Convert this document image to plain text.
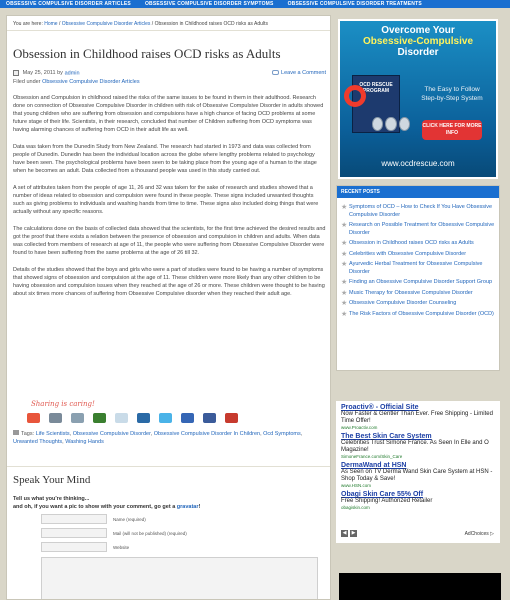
OBSESSIVE COMPULSIVE DISORDER ARTICLES	OBSESSIVE COMPULSIVE DISORDER SYMPTOMS	OBSESSIVE COMPULSIVE DISORDER TREATMENTS
You are here: Home / Obsessive Compulsive Disorder Articles / Obsession in Childhood raises OCD risks as Adults
Obsession in Childhood raises OCD risks as Adults
May 25, 2011 by admin	Leave a Comment
Filed under Obsessive Compulsive Disorder Articles

Obsession and Compulsion in childhood raised the risks of the same issues to be found in them in their adulthood. Research done on connection of Obsessive Compulsive Disorder in children with risk of Obsessive Compulsive Disorder in adults showed that young children who are suffering from obsession and compulsions have a high chance of facing OCD problems at some future stage of their life. Scientists, in their research, concluded that number of Children suffering from OCD symptoms was having alarming chances of suffering from OCD in their adult life as well.

Data was taken from the Dunedin Study from New Zealand. The research had started in 1973 and data was collected from people of Dunedin. Dunedin has been the individual location across the globe where lengthy problems related to psychology have been seen. The psychological problems have been seen to be taking place from the young age of a human to the stage when he becomes an adult. Data collected from a thousand people was used in this study carried out.

A set of attributes taken from the people of age 11, 26 and 32 was taken for the sake of research and studies showed that a number of ideas related to obsession and compulsion were found in these people. These signs included unwanted thoughts such as giving problems to individuals and washing hands from time to time. These signs also included doing things that were actually without any specific reasons.

The calculations done on the basis of collected data showed that the scientists, for the first time achieved the desired results and got the proof that there exists a relation between the presence of obsession and compulsion in children and adults. When data was collected from members of research at age of 11, the people who were suffering from Obsessive Compulsive Disorder were found to have been suffering from the same problems at the age of 26 till 32.

Details of the studies showed that the boys and girls who were a part of studies were found to be having a number of symptoms that showed signs of obsession and compulsion at the age of 11. These children were more likely than any other children to be having obsession and compulsion issues when they reached at the age of 26 or more. These children were thought to be having about six times more chances of suffering from Obsessive Compulsive disorder when they reached their adult age.

Sharing is caring!
Tags: Life Scientists, Obsessive Compulsive Disorder, Obsessive Compulsive Disorder In Children, Ocd Symptoms, Unwanted Thoughts, Washing Hands
Speak Your Mind
Tell us what you're thinking...
and oh, if you want a pic to show with your comment, go get a gravatar!
Name (required)
Mail (will not be published) (required)
Website
Overcome Your
Obsessive-Compulsive
Disorder
OCD RESCUE PROGRAM	The Easy to Follow Step-by-Step System
CLICK HERE FOR MORE INFO
www.ocdrescue.com
RECENT POSTS
★ Symptoms of OCD – How to Check If You Have Obsessive Compulsive Disorder
★ Research on Possible Treatment for Obsessive Compulsive Disorder
★ Obsession in Childhood raises OCD risks as Adults
★ Celebrities with Obsessive Compulsive Disorder
★ Ayurvedic Herbal Treatment for Obsessive Compulsive Disorder
★ Finding an Obsessive Compulsive Disorder Support Group
★ Music Therapy for Obsessive Compulsive Disorder
★ Obsessive Compulsive Disorder Counseling
★ The Risk Factors of Obsessive Compulsive Disorder (OCD)
Proactiv® - Official Site
Now Faster & Gentler Than Ever. Free Shipping - Limited Time Offer!
www.Proactiv.com
The Best Skin Care System
Celebrities Trust Simone France. As Seen In Elle and O Magazine!
SimoneFrance.com/Skin_Care
DermaWand at HSN
As Seen on TV Derma Wand Skin Care System at HSN - Shop Today & Save!
www.HSN.com
Obagi Skin Care 55% Off
Free Shipping! Authorized Retailer
obagiskin.com
◀	▶	AdChoices ▷
